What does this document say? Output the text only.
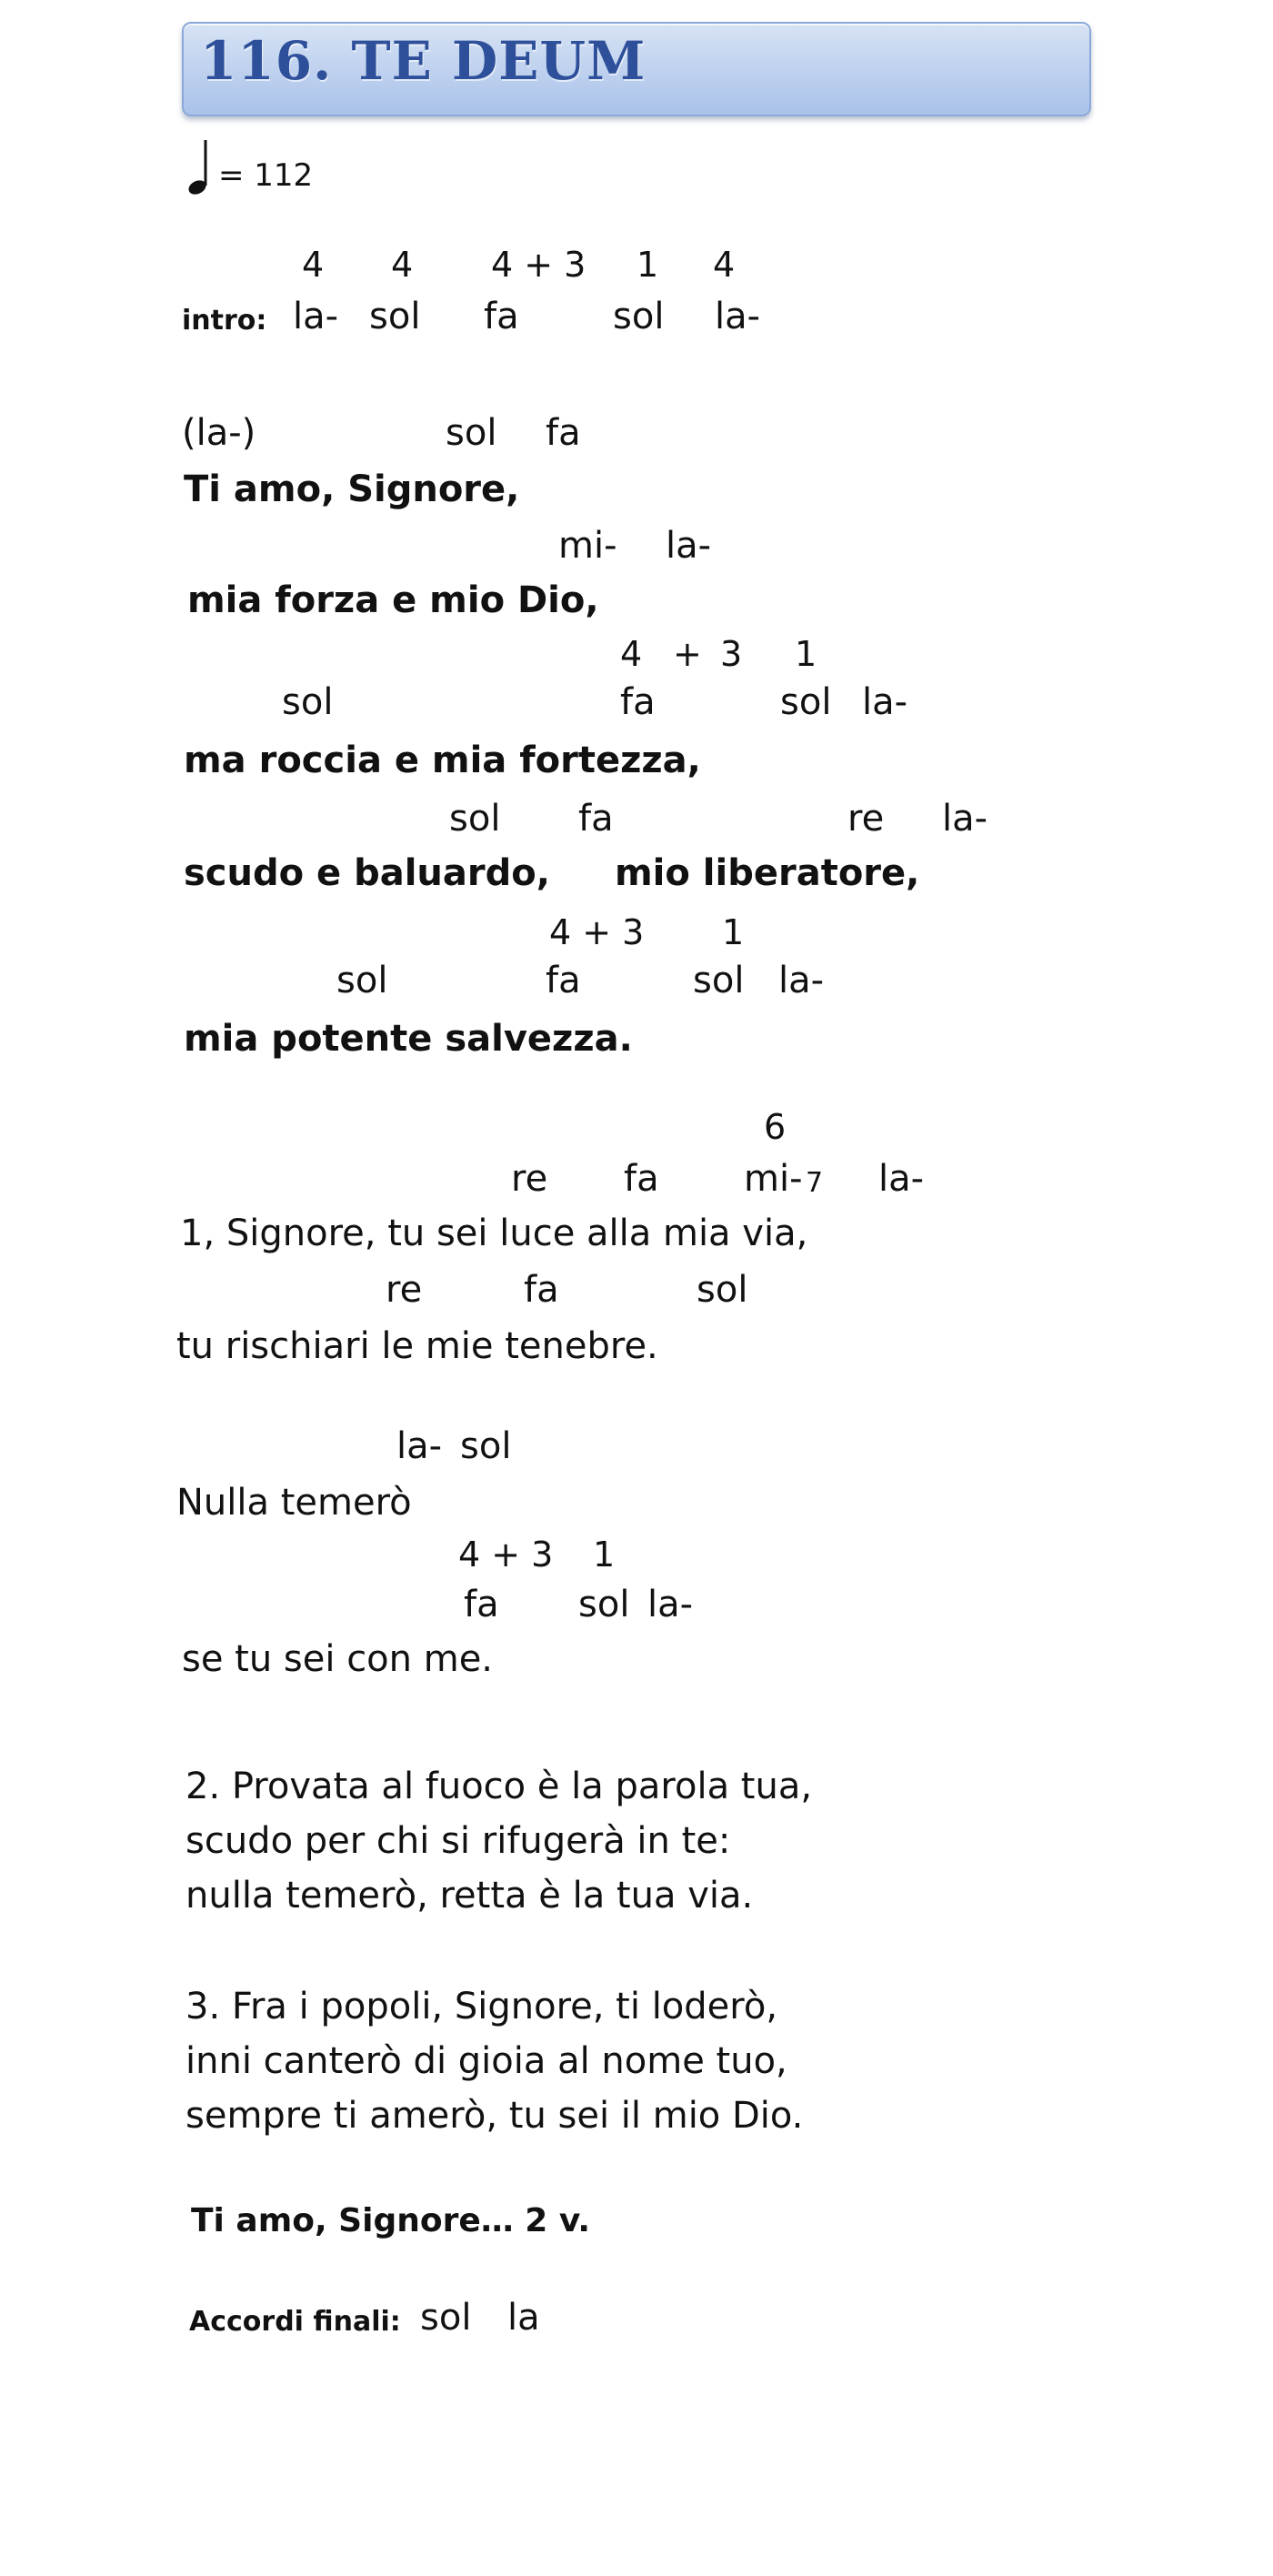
116. TE DEUM
= 112
4 4 4 + 3 1 4
intro: la- sol fa	sol la-
(la-)	sol fa
Ti amo, Signore,
mi- la-
mia forza e mio Dio,
4 + 3 1
sol	fa	sol la-
ma roccia e mia fortezza,
sol fa	re la-
scudo e baluardo, mio liberatore,
4 + 3 1
sol	fa	sol la-
mia potente salvezza.
6
re fa mi- 7 la-
1, Signore, tu sei luce alla mia via,
re	fa	sol
tu rischiari le mie tenebre.
la- sol
Nulla temerò
4 + 3 1
fa sol la-
se tu sei con me.
2. Provata al fuoco è la parola tua,
scudo per chi si rifugerà in te:
nulla temerò, retta è la tua via.
3. Fra i popoli, Signore, ti loderò,
inni canterò di gioia al nome tuo,
sempre ti amerò, tu sei il mio Dio.
Ti amo, Signore… 2 v.
Accordi finali: sol la
